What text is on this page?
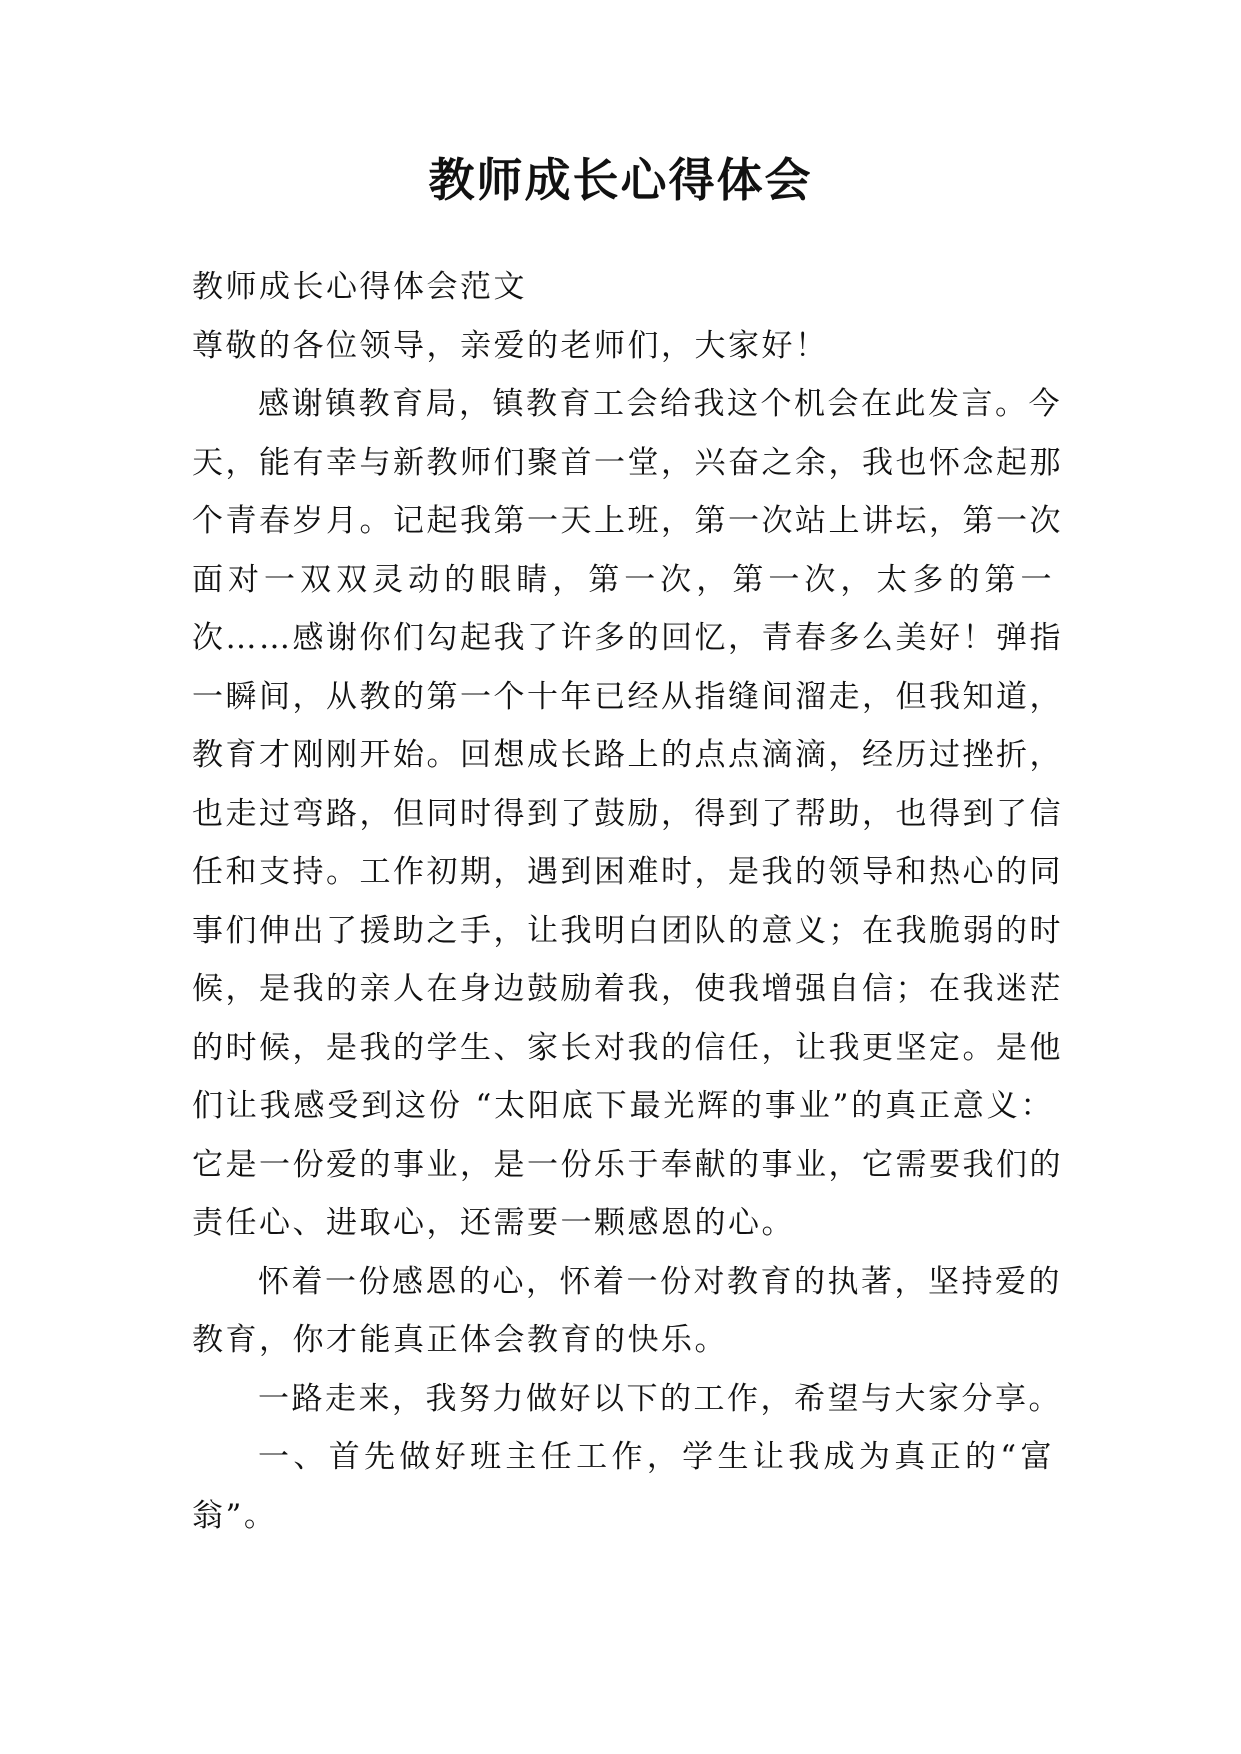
教师成长心得体会
教师成长心得体会范文
尊敬的各位领导，亲爱的老师们，大家好！
感谢镇教育局，镇教育工会给我这个机会在此发言。今
天，能有幸与新教师们聚首一堂，兴奋之余，我也怀念起那
个青春岁月。记起我第一天上班，第一次站上讲坛，第一次
面对一双双灵动的眼睛，第一次，第一次，太多的第一
次……感谢你们勾起我了许多的回忆，青春多么美好！弹指
一瞬间，从教的第一个十年已经从指缝间溜走，但我知道，
教育才刚刚开始。回想成长路上的点点滴滴，经历过挫折，
也走过弯路，但同时得到了鼓励，得到了帮助，也得到了信
任和支持。工作初期，遇到困难时，是我的领导和热心的同
事们伸出了援助之手，让我明白团队的意义；在我脆弱的时
候，是我的亲人在身边鼓励着我，使我增强自信；在我迷茫
的时候，是我的学生、家长对我的信任，让我更坚定。是他
们让我感受到这份 “太阳底下最光辉的事业”的真正意义：
它是一份爱的事业，是一份乐于奉献的事业，它需要我们的
责任心、进取心，还需要一颗感恩的心。
怀着一份感恩的心，怀着一份对教育的执著，坚持爱的
教育，你才能真正体会教育的快乐。
一路走来，我努力做好以下的工作，希望与大家分享。
一、首先做好班主任工作，学生让我成为真正的“富
翁”。
